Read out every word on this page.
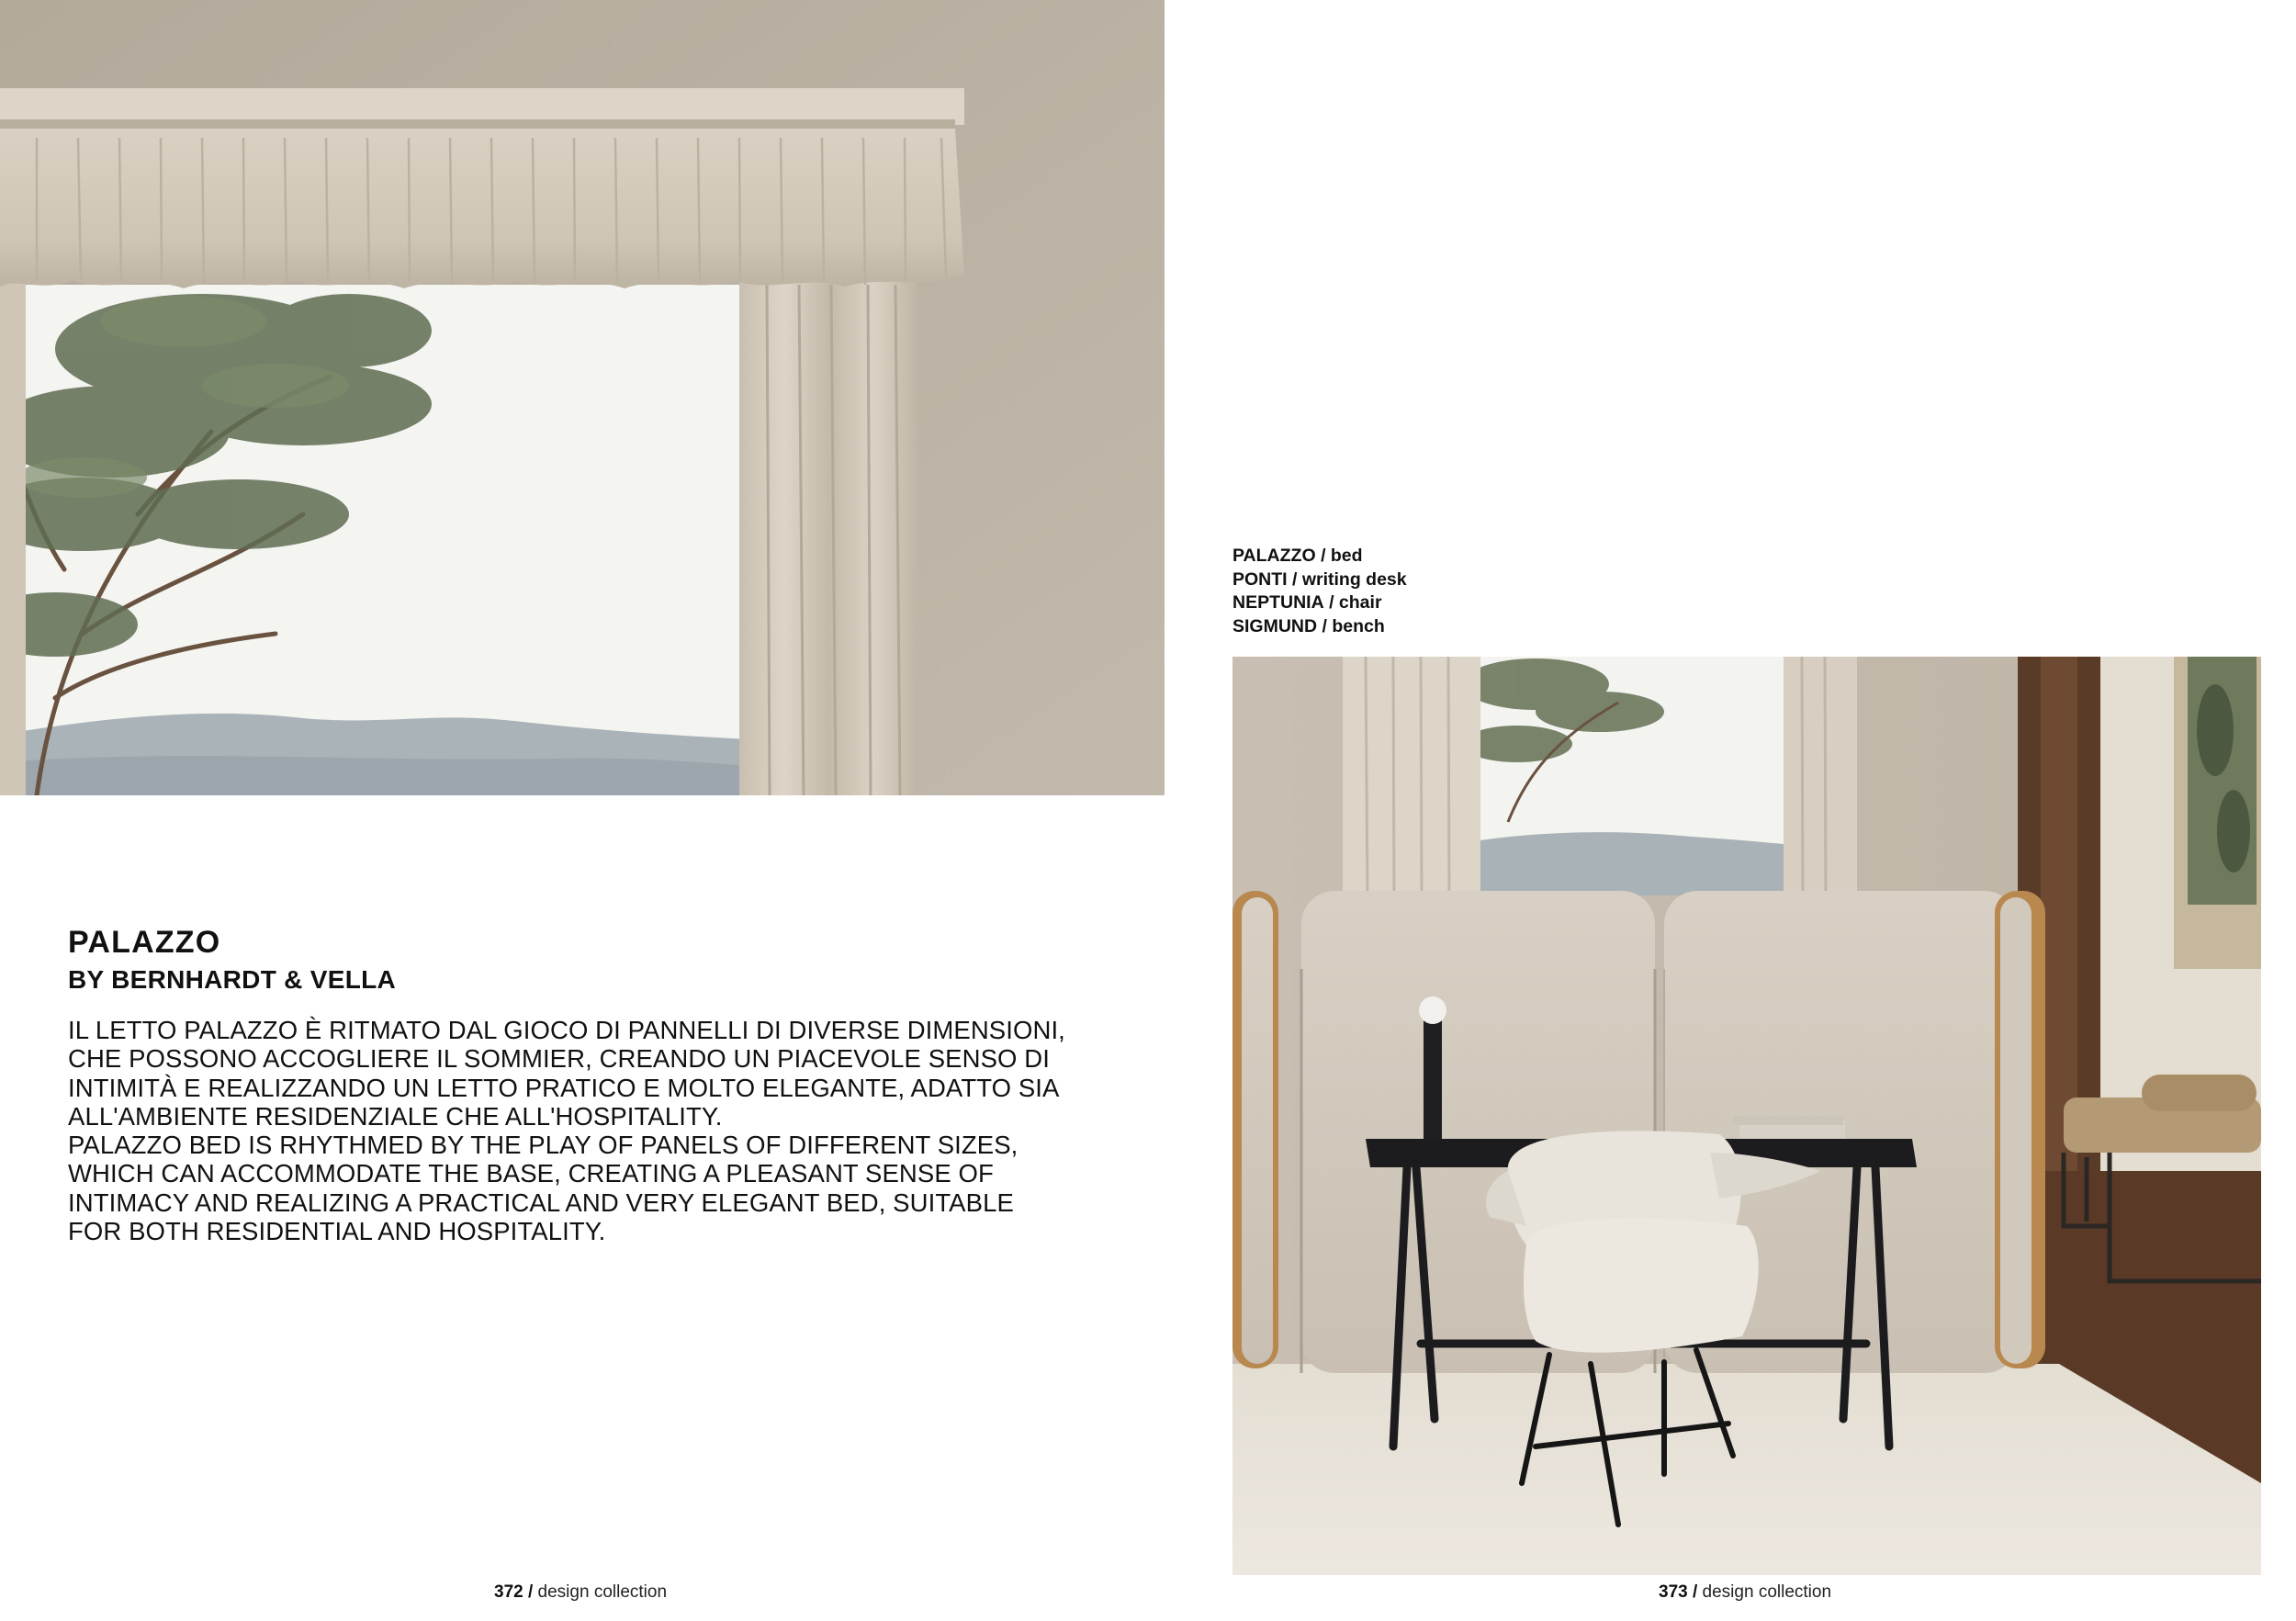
PALAZZO
BY BERNHARDT & VELLA

IL LETTO PALAZZO È RITMATO DAL GIOCO DI PANNELLI DI DIVERSE DIMENSIONI,

CHE POSSONO ACCOGLIERE IL SOMMIER, CREANDO UN PIACEVOLE SENSO DI

INTIMITÀ E REALIZZANDO UN LETTO PRATICO E MOLTO ELEGANTE, ADATTO SIA

ALL'AMBIENTE RESIDENZIALE CHE ALL'HOSPITALITY.

PALAZZO BED IS RHYTHMED BY THE PLAY OF PANELS OF DIFFERENT SIZES,

WHICH CAN ACCOMMODATE THE BASE, CREATING A PLEASANT SENSE OF

INTIMACY AND REALIZING A PRACTICAL AND VERY ELEGANT BED, SUITABLE

FOR BOTH RESIDENTIAL AND HOSPITALITY.

PALAZZO / bed
PONTI / writing desk
NEPTUNIA / chair
SIGMUND / bench
372 / design collection	373 / design collection
